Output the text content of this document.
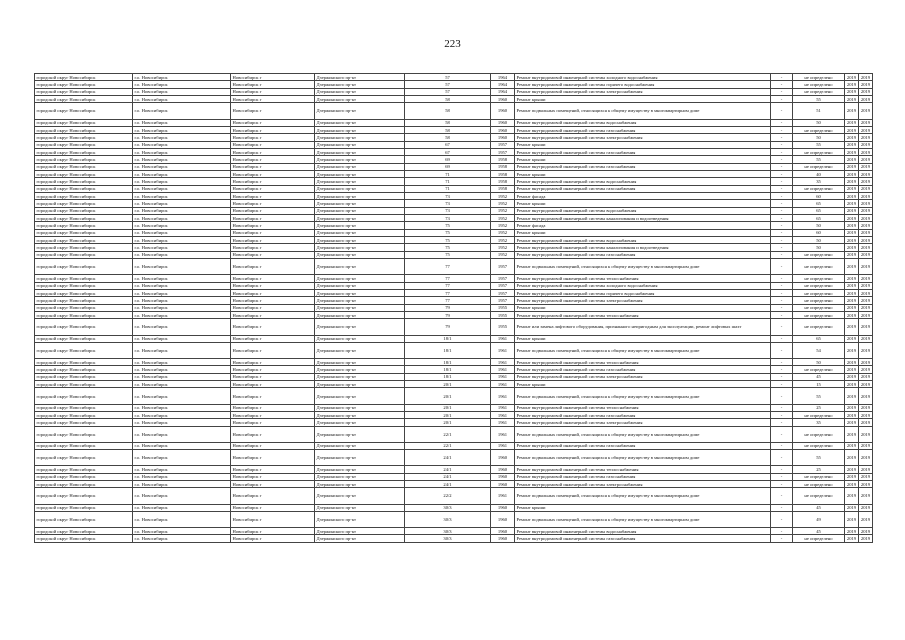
223
городской округ Новосибирск	г.о. Новосибирск	Новосибирск г	Дзержинского пр-кт	57	1964	Ремонт внутридомовой инженерной системы холодного водоснабжения	-	не определено	2019	2019
городской округ Новосибирск	г.о. Новосибирск	Новосибирск г	Дзержинского пр-кт	57	1964	Ремонт внутридомовой инженерной системы горячего водоснабжения	-	не определено	2019	2019
городской округ Новосибирск	г.о. Новосибирск	Новосибирск г	Дзержинского пр-кт	57	1964	Ремонт внутридомовой инженерной системы электроснабжения	-	не определено	2019	2019
городской округ Новосибирск	г.о. Новосибирск	Новосибирск г	Дзержинского пр-кт	58	1960	Ремонт крыши	-	55	2019	2019
городской округ Новосибирск	г.о. Новосибирск	Новосибирск г	Дзержинского пр-кт	58	1960	Ремонт подвальных помещений, относящихся к общему имуществу в многоквартирном доме	-	51	2019	2019
городской округ Новосибирск	г.о. Новосибирск	Новосибирск г	Дзержинского пр-кт	58	1960	Ремонт внутридомовой инженерной системы водоснабжения	-	50	2019	2019
городской округ Новосибирск	г.о. Новосибирск	Новосибирск г	Дзержинского пр-кт	58	1960	Ремонт внутридомовой инженерной системы газоснабжения	-	не определено	2019	2019
городской округ Новосибирск	г.о. Новосибирск	Новосибирск г	Дзержинского пр-кт	58	1960	Ремонт внутридомовой инженерной системы электроснабжения	-	50	2019	2019
городской округ Новосибирск	г.о. Новосибирск	Новосибирск г	Дзержинского пр-кт	67	1957	Ремонт крыши	-	55	2019	2019
городской округ Новосибирск	г.о. Новосибирск	Новосибирск г	Дзержинского пр-кт	67	1957	Ремонт внутридомовой инженерной системы газоснабжения	-	не определено	2019	2019
городской округ Новосибирск	г.о. Новосибирск	Новосибирск г	Дзержинского пр-кт	69	1958	Ремонт крыши	-	55	2019	2019
городской округ Новосибирск	г.о. Новосибирск	Новосибирск г	Дзержинского пр-кт	69	1958	Ремонт внутридомовой инженерной системы газоснабжения	-	не определено	2019	2019
городской округ Новосибирск	г.о. Новосибирск	Новосибирск г	Дзержинского пр-кт	71	1958	Ремонт крыши	-	40	2019	2019
городской округ Новосибирск	г.о. Новосибирск	Новосибирск г	Дзержинского пр-кт	71	1958	Ремонт внутридомовой инженерной системы водоснабжения	-	35	2019	2019
городской округ Новосибирск	г.о. Новосибирск	Новосибирск г	Дзержинского пр-кт	71	1958	Ремонт внутридомовой инженерной системы газоснабжения	-	не определено	2019	2019
городской округ Новосибирск	г.о. Новосибирск	Новосибирск г	Дзержинского пр-кт	73	1952	Ремонт фасада	-	60	2019	2019
городской округ Новосибирск	г.о. Новосибирск	Новосибирск г	Дзержинского пр-кт	73	1952	Ремонт крыши	-	65	2019	2019
городской округ Новосибирск	г.о. Новосибирск	Новосибирск г	Дзержинского пр-кт	73	1952	Ремонт внутридомовой инженерной системы водоснабжения	-	65	2019	2019
городской округ Новосибирск	г.о. Новосибирск	Новосибирск г	Дзержинского пр-кт	73	1952	Ремонт внутридомовой инженерной системы канализования и водоотведения	-	65	2019	2019
городской округ Новосибирск	г.о. Новосибирск	Новосибирск г	Дзержинского пр-кт	75	1952	Ремонт фасада	-	50	2019	2019
городской округ Новосибирск	г.о. Новосибирск	Новосибирск г	Дзержинского пр-кт	75	1952	Ремонт крыши	-	60	2019	2019
городской округ Новосибирск	г.о. Новосибирск	Новосибирск г	Дзержинского пр-кт	75	1952	Ремонт внутридомовой инженерной системы водоснабжения	-	50	2019	2019
городской округ Новосибирск	г.о. Новосибирск	Новосибирск г	Дзержинского пр-кт	75	1952	Ремонт внутридомовой инженерной системы канализования и водоотведения	-	50	2019	2019
городской округ Новосибирск	г.о. Новосибирск	Новосибирск г	Дзержинского пр-кт	75	1952	Ремонт внутридомовой инженерной системы газоснабжения	-	не определено	2019	2019
городской округ Новосибирск	г.о. Новосибирск	Новосибирск г	Дзержинского пр-кт	77	1957	Ремонт подвальных помещений, относящихся к общему имуществу в многоквартирном доме	-	не определено	2019	2019
городской округ Новосибирск	г.о. Новосибирск	Новосибирск г	Дзержинского пр-кт	77	1957	Ремонт внутридомовой инженерной системы теплоснабжения	-	не определено	2019	2019
городской округ Новосибирск	г.о. Новосибирск	Новосибирск г	Дзержинского пр-кт	77	1957	Ремонт внутридомовой инженерной системы холодного водоснабжения	-	не определено	2019	2019
городской округ Новосибирск	г.о. Новосибирск	Новосибирск г	Дзержинского пр-кт	77	1957	Ремонт внутридомовой инженерной системы горячего водоснабжения	-	не определено	2019	2019
городской округ Новосибирск	г.о. Новосибирск	Новосибирск г	Дзержинского пр-кт	77	1957	Ремонт внутридомовой инженерной системы электроснабжения	-	не определено	2019	2019
городской округ Новосибирск	г.о. Новосибирск	Новосибирск г	Дзержинского пр-кт	79	1955	Ремонт крыши	-	не определено	2019	2019
городской округ Новосибирск	г.о. Новосибирск	Новосибирск г	Дзержинского пр-кт	79	1955	Ремонт внутридомовой инженерной системы теплоснабжения	-	не определено	2019	2019
городской округ Новосибирск	г.о. Новосибирск	Новосибирск г	Дзержинского пр-кт	79	1955	Ремонт или замена лифтового оборудования, признанного непригодным для эксплуатации, ремонт лифтовых шахт	-	не определено	2019	2019
городской округ Новосибирск	г.о. Новосибирск	Новосибирск г	Дзержинского пр-кт	18/1	1961	Ремонт крыши	-	65	2019	2019
городской округ Новосибирск	г.о. Новосибирск	Новосибирск г	Дзержинского пр-кт	18/1	1961	Ремонт подвальных помещений, относящихся к общему имуществу в многоквартирном доме	-	54	2019	2019
городской округ Новосибирск	г.о. Новосибирск	Новосибирск г	Дзержинского пр-кт	18/1	1961	Ремонт внутридомовой инженерной системы теплоснабжения	-	50	2019	2019
городской округ Новосибирск	г.о. Новосибирск	Новосибирск г	Дзержинского пр-кт	18/1	1961	Ремонт внутридомовой инженерной системы газоснабжения	-	не определено	2019	2019
городской округ Новосибирск	г.о. Новосибирск	Новосибирск г	Дзержинского пр-кт	18/1	1961	Ремонт внутридомовой инженерной системы электроснабжения	-	45	2019	2019
городской округ Новосибирск	г.о. Новосибирск	Новосибирск г	Дзержинского пр-кт	20/1	1961	Ремонт крыши	-	15	2019	2019
городской округ Новосибирск	г.о. Новосибирск	Новосибирск г	Дзержинского пр-кт	20/1	1961	Ремонт подвальных помещений, относящихся к общему имуществу в многоквартирном доме	-	55	2019	2019
городской округ Новосибирск	г.о. Новосибирск	Новосибирск г	Дзержинского пр-кт	20/1	1961	Ремонт внутридомовой инженерной системы теплоснабжения	-	25	2019	2019
городской округ Новосибирск	г.о. Новосибирск	Новосибирск г	Дзержинского пр-кт	20/1	1961	Ремонт внутридомовой инженерной системы газоснабжения	-	не определено	2019	2019
городской округ Новосибирск	г.о. Новосибирск	Новосибирск г	Дзержинского пр-кт	20/1	1961	Ремонт внутридомовой инженерной системы электроснабжения	-	35	2019	2019
городской округ Новосибирск	г.о. Новосибирск	Новосибирск г	Дзержинского пр-кт	22/1	1961	Ремонт подвальных помещений, относящихся к общему имуществу в многоквартирном доме	-	не определено	2019	2019
городской округ Новосибирск	г.о. Новосибирск	Новосибирск г	Дзержинского пр-кт	22/1	1961	Ремонт внутридомовой инженерной системы газоснабжения	-	не определено	2019	2019
городской округ Новосибирск	г.о. Новосибирск	Новосибирск г	Дзержинского пр-кт	24/1	1960	Ремонт подвальных помещений, относящихся к общему имуществу в многоквартирном доме	-	55	2019	2019
городской округ Новосибирск	г.о. Новосибирск	Новосибирск г	Дзержинского пр-кт	24/1	1960	Ремонт внутридомовой инженерной системы теплоснабжения	-	25	2019	2019
городской округ Новосибирск	г.о. Новосибирск	Новосибирск г	Дзержинского пр-кт	24/1	1960	Ремонт внутридомовой инженерной системы газоснабжения	-	не определено	2019	2019
городской округ Новосибирск	г.о. Новосибирск	Новосибирск г	Дзержинского пр-кт	24/1	1960	Ремонт внутридомовой инженерной системы электроснабжения	-	не определено	2019	2019
городской округ Новосибирск	г.о. Новосибирск	Новосибирск г	Дзержинского пр-кт	22/2	1961	Ремонт подвальных помещений, относящихся к общему имуществу в многоквартирном доме	-	не определено	2019	2019
городской округ Новосибирск	г.о. Новосибирск	Новосибирск г	Дзержинского пр-кт	30/3	1960	Ремонт крыши	-	45	2019	2019
городской округ Новосибирск	г.о. Новосибирск	Новосибирск г	Дзержинского пр-кт	30/3	1960	Ремонт подвальных помещений, относящихся к общему имуществу в многоквартирном доме	-	49	2019	2019
городской округ Новосибирск	г.о. Новосибирск	Новосибирск г	Дзержинского пр-кт	30/3	1960	Ремонт внутридомовой инженерной системы водоснабжения	-	45	2019	2019
городской округ Новосибирск	г.о. Новосибирск	Новосибирск г	Дзержинского пр-кт	30/3	1960	Ремонт внутридомовой инженерной системы газоснабжения	-	не определено	2019	2019
